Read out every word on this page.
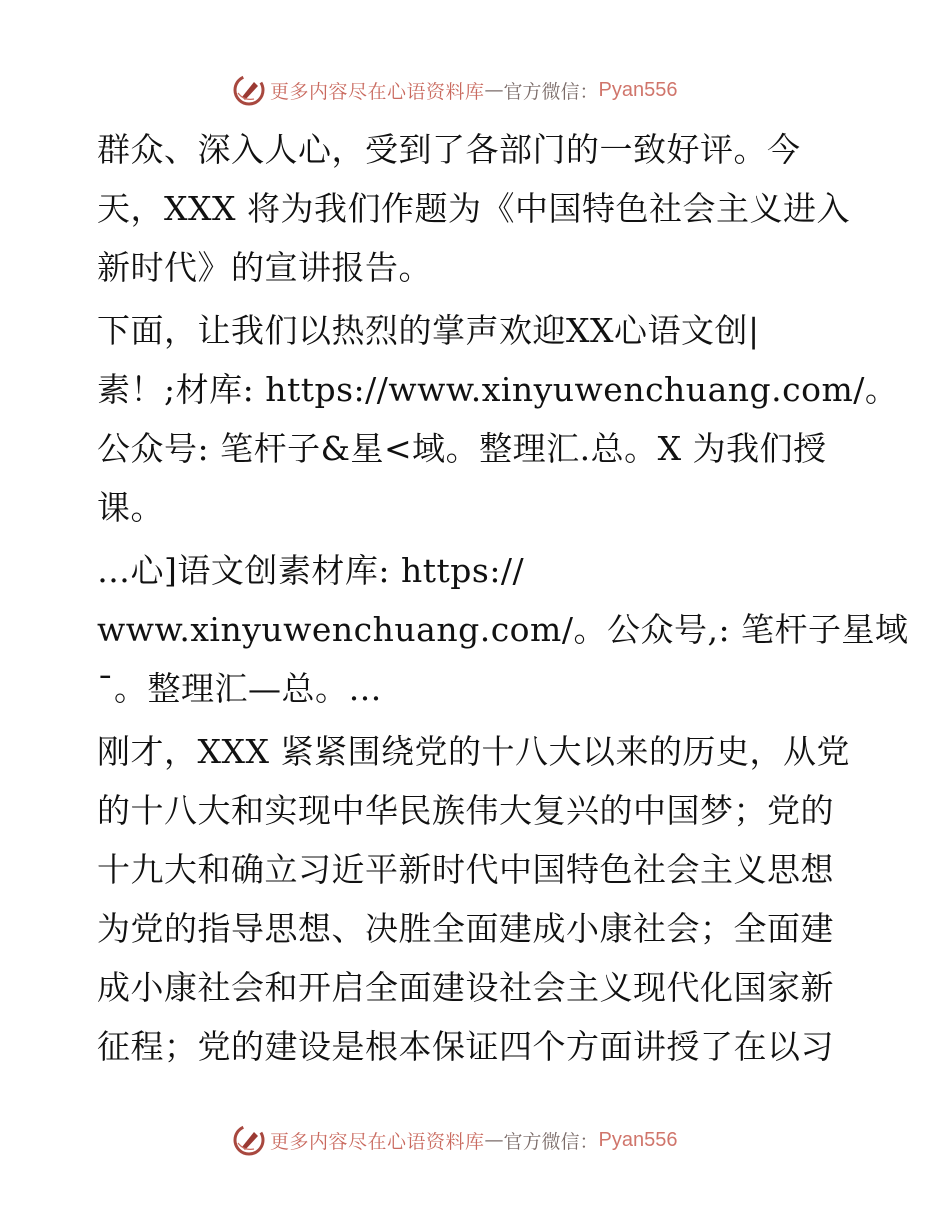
更多内容尽在心语资料库 — 官方微信： Pyan556
群众、深入人心，受到了各部门的一致好评。今
天，XXX 将为我们作题为《中国特色社会主义进入
新时代》的宣讲报告。
下面，让我们以热烈的掌声欢迎XX心语文创|
素！;材库: https://www.xinyuwenchuang.com/。
公众号: 笔杆子&星<域。整理汇.总。X 为我们授
课。
…心]语文创素材库: https://
www.xinyuwenchuang.com/。公众号,: 笔杆子星域
ˉ。整理汇—总。…
刚才，XXX 紧紧围绕党的十八大以来的历史，从党
的十八大和实现中华民族伟大复兴的中国梦；党的
十九大和确立习近平新时代中国特色社会主义思想
为党的指导思想、决胜全面建成小康社会；全面建
成小康社会和开启全面建设社会主义现代化国家新
征程；党的建设是根本保证四个方面讲授了在以习
更多内容尽在心语资料库 — 官方微信： Pyan556
